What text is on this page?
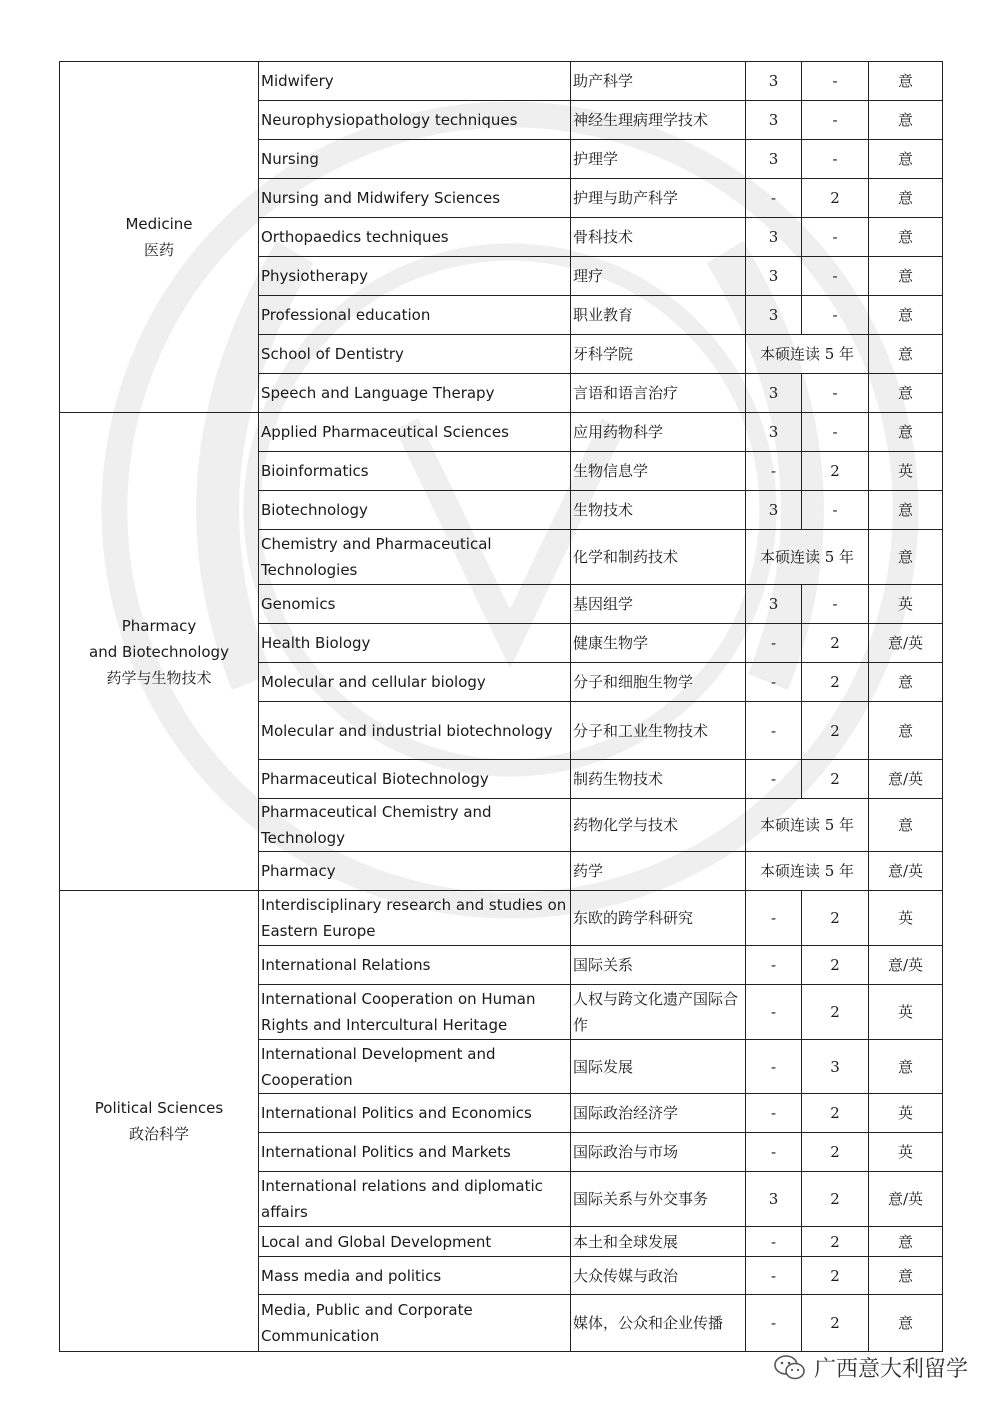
Medicine
医药	Midwifery	助产科学	3	-	意
	Neurophysiopathology techniques	神经生理病理学技术	3	-	意
	Nursing	护理学	3	-	意
	Nursing and Midwifery Sciences	护理与助产科学	-	2	意
	Orthopaedics techniques	骨科技术	3	-	意
	Physiotherapy	理疗	3	-	意
	Professional education	职业教育	3	-	意
	School of Dentistry	牙科学院	本硕连读 5 年		意
	Speech and Language Therapy	言语和语言治疗	3	-	意

Pharmacy
and Biotechnology
药学与生物技术	Applied Pharmaceutical Sciences	应用药物科学	3	-	意
	Bioinformatics	生物信息学	-	2	英
	Biotechnology	生物技术	3	-	意
	Chemistry and Pharmaceutical Technologies	化学和制药技术	本硕连读 5 年		意
	Genomics	基因组学	3	-	英
	Health Biology	健康生物学	-	2	意/英
	Molecular and cellular biology	分子和细胞生物学	-	2	意
	Molecular and industrial biotechnology	分子和工业生物技术	-	2	意
	Pharmaceutical Biotechnology	制药生物技术	-	2	意/英
	Pharmaceutical Chemistry and Technology	药物化学与技术	本硕连读 5 年		意
	Pharmacy	药学	本硕连读 5 年		意/英

Political Sciences
政治科学	Interdisciplinary research and studies on Eastern Europe	东欧的跨学科研究	-	2	英
	International Relations	国际关系	-	2	意/英
	International Cooperation on Human Rights and Intercultural Heritage	人权与跨文化遗产国际合作	-	2	英
	International Development and Cooperation	国际发展	-	3	意
	International Politics and Economics	国际政治经济学	-	2	英
	International Politics and Markets	国际政治与市场	-	2	英
	International relations and diplomatic affairs	国际关系与外交事务	3	2	意/英
	Local and Global Development	本土和全球发展	-	2	意
	Mass media and politics	大众传媒与政治	-	2	意
	Media, Public and Corporate Communication	媒体，公众和企业传播	-	2	意
广西意大利留学
